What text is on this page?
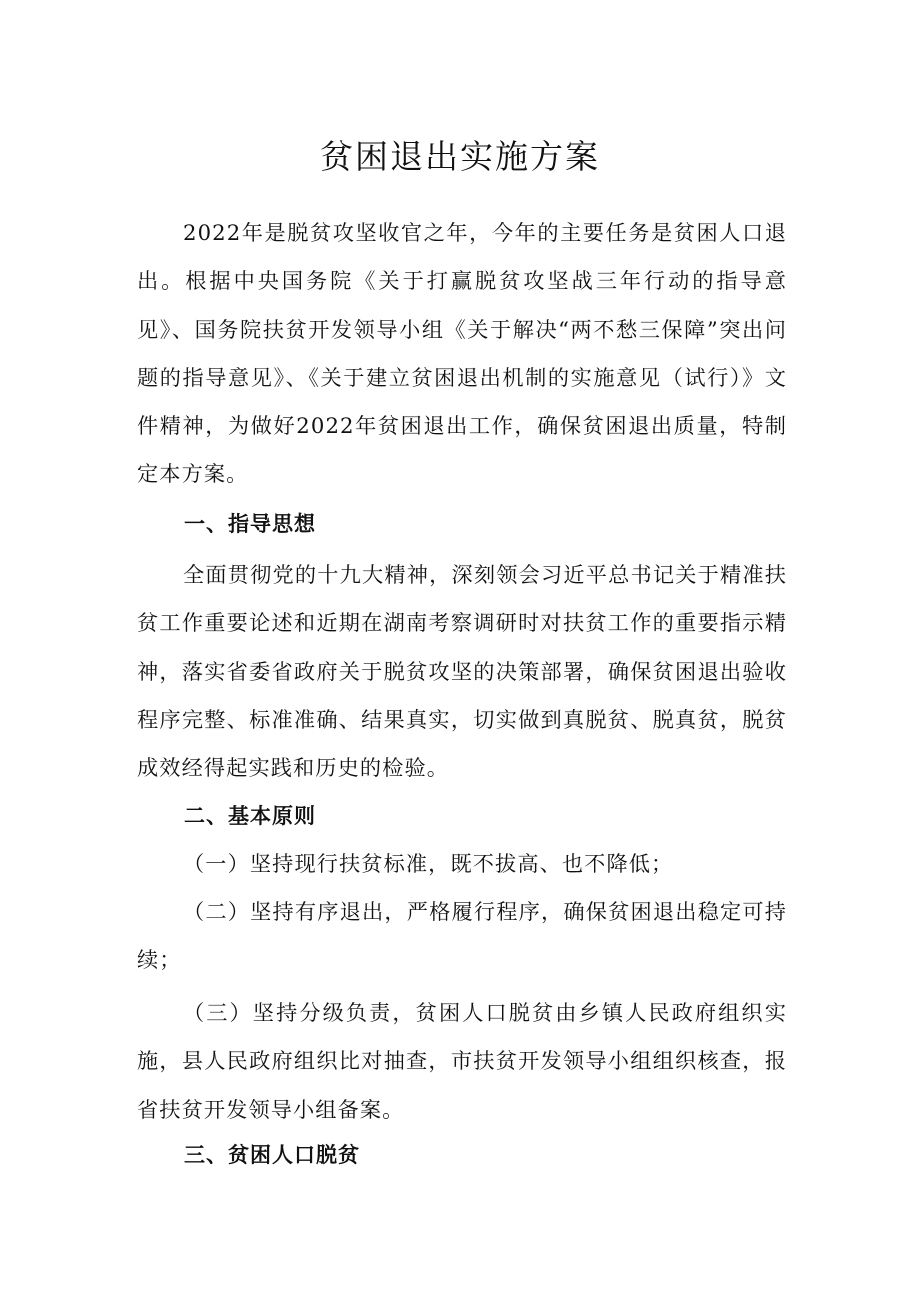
贫困退出实施方案

2022年是脱贫攻坚收官之年，今年的主要任务是贫困人口退出。根据中央国务院《关于打赢脱贫攻坚战三年行动的指导意见》、国务院扶贫开发领导小组《关于解决“两不愁三保障”突出问题的指导意见》、《关于建立贫困退出机制的实施意见（试行）》文件精神，为做好2022年贫困退出工作，确保贫困退出质量，特制定本方案。

一、指导思想

全面贯彻党的十九大精神，深刻领会习近平总书记关于精准扶贫工作重要论述和近期在湖南考察调研时对扶贫工作的重要指示精神，落实省委省政府关于脱贫攻坚的决策部署，确保贫困退出验收程序完整、标准准确、结果真实，切实做到真脱贫、脱真贫，脱贫成效经得起实践和历史的检验。

二、基本原则

（一）坚持现行扶贫标准，既不拔高、也不降低；

（二）坚持有序退出，严格履行程序，确保贫困退出稳定可持续；

（三）坚持分级负责，贫困人口脱贫由乡镇人民政府组织实施，县人民政府组织比对抽查，市扶贫开发领导小组组织核查，报省扶贫开发领导小组备案。

三、贫困人口脱贫
